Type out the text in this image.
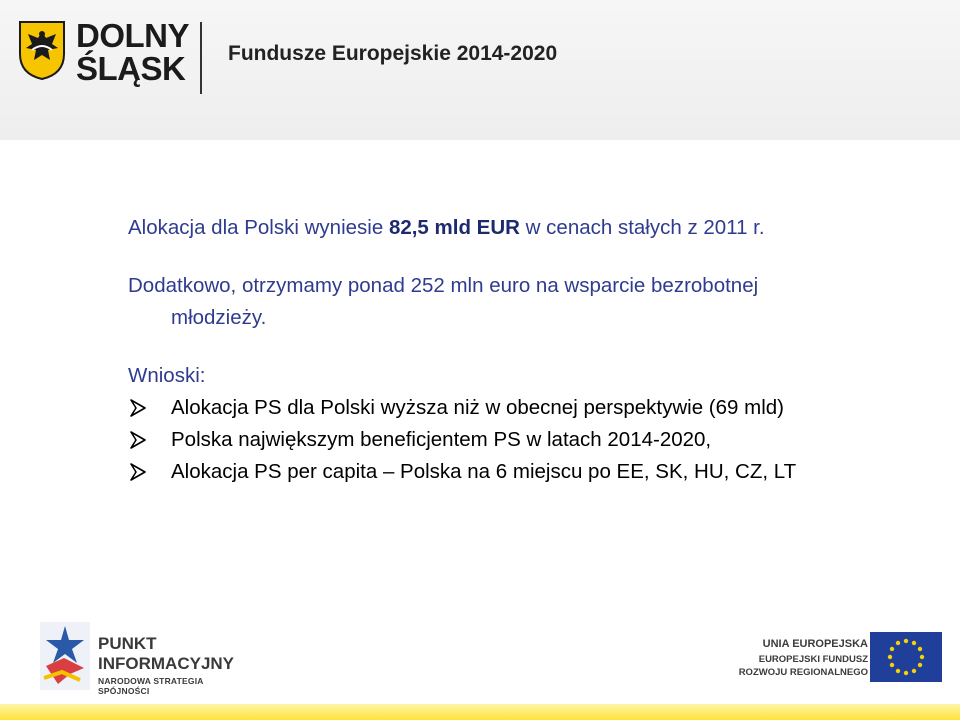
DOLNY
ŚLĄSK Fundusze Europejskie 2014-2020

Alokacja dla Polski wyniesie 82,5 mld EUR w cenach stałych z 2011 r.

Dodatkowo, otrzymamy ponad 252 mln euro na wsparcie bezrobotnej młodzieży.

Wnioski:

Alokacja PS dla Polski wyższa niż w obecnej perspektywie (69 mld)

Polska największym beneficjentem PS w latach 2014-2020,

Alokacja PS per capita – Polska na 6 miejscu po EE, SK, HU, CZ, LT

PUNKT
INFORMACYJNY
NARODOWA STRATEGIA SPÓJNOŚCI
UNIA EUROPEJSKA
EUROPEJSKI FUNDUSZ
ROZWOJU REGIONALNEGO
